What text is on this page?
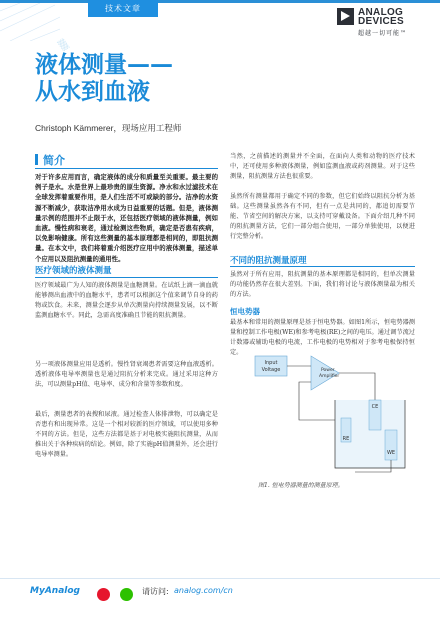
技术文章	ANALOG
DEVICES
超越一切可能™
液体测量——
从水到血液
Christoph Kämmerer，现场应用工程师
简介
对于许多应用而言，确定液体的成分和质量至关重要。最主要的例子是水。水是世界上最珍贵的原生资源。净水和水过滤技术在全球发挥着重要作用，是人们生活不可或缺的部分。洁净的水资源不断减少，获取洁净用水成为日益重要的话题。但是，液体测量示例的范围并不止限于水，还包括医疗领域的液体测量，例如血液。慢性病和衰老，通过检测这些物质，确定是否患有疾病，以免影响健康。所有这些测量的基本原理都是相同的，即阻抗测量。在本文中，我们将着重介绍医疗应用中的液体测量，描述单个应用以及阻抗测量的通用性。
医疗领域的液体测量
医疗领域最广为人知的液体测量是血糖测量。在试纸上滴一滴血就能够测出血液中的血糖水平，患者可以根据这个值来调节自身的药物或饮食。未来，测量会逐步从单次测量向持续测量发展，以不断监测血糖水平。同此，急需高度准确且节能的阻抗测量。
另一项液体测量应用是透析。慢性肾衰竭患者需要这种血液透析。透析液体电导率测量也是通过阻抗分析来完成。通过采用这种方法，可以测量pH值、电导率、成分和含量等参数和度。
最后，测量患者的表搜和尿液。通过检查人体排泄物，可以确定是否患有和出现异常。这是一个相对较新的医疗领域，可以使用多种不同的方法。但是，这些方法都是基于对电极实施阻抗测量，从而推出关于各种疾病的结论。例如，除了实施pH值测量外，还会进行电导率测量。
当然，之前描述的测量并不全面，在面向人类和动物的医疗技术中，还可使用多种液体测量，例如监测血液或药剂测量。对于这些测量，阻抗测量方法也很重要。
虽然所有测量都用于确定不同的参数，但它们始终以阻抗分析为基础。这些测量虽然各有不同，但有一点是共同的，都追切需要节能、节省空间的解决方案，以支持可穿戴设备。下面介绍几种不同的阻抗测量方法，它们一部分组合使用，一部分单独使用，以便进行完整分析。
不同的阻抗测量原理
虽然对于所有应用，阻抗测量的基本原理都是相同的，但单次测量的功能仍然存在很大差别。下面，我们将讨论与液体测量最为相关的方法。
恒电势器
最基本和常用的测量原理是基于恒电势器。如图1所示，恒电势器测量和控制工作电极(WE)和参考电极(RE)之间的电压。通过调节流过计数器或辅助电极的电流，工作电极的电势相对于参考电极保持恒定。
Input
Voltage	Power
Amplifier
CE
RE
WE
图1. 恒电势器测量的测量原理。
▒
MyAnalog
	请访问: analog.com/cn
